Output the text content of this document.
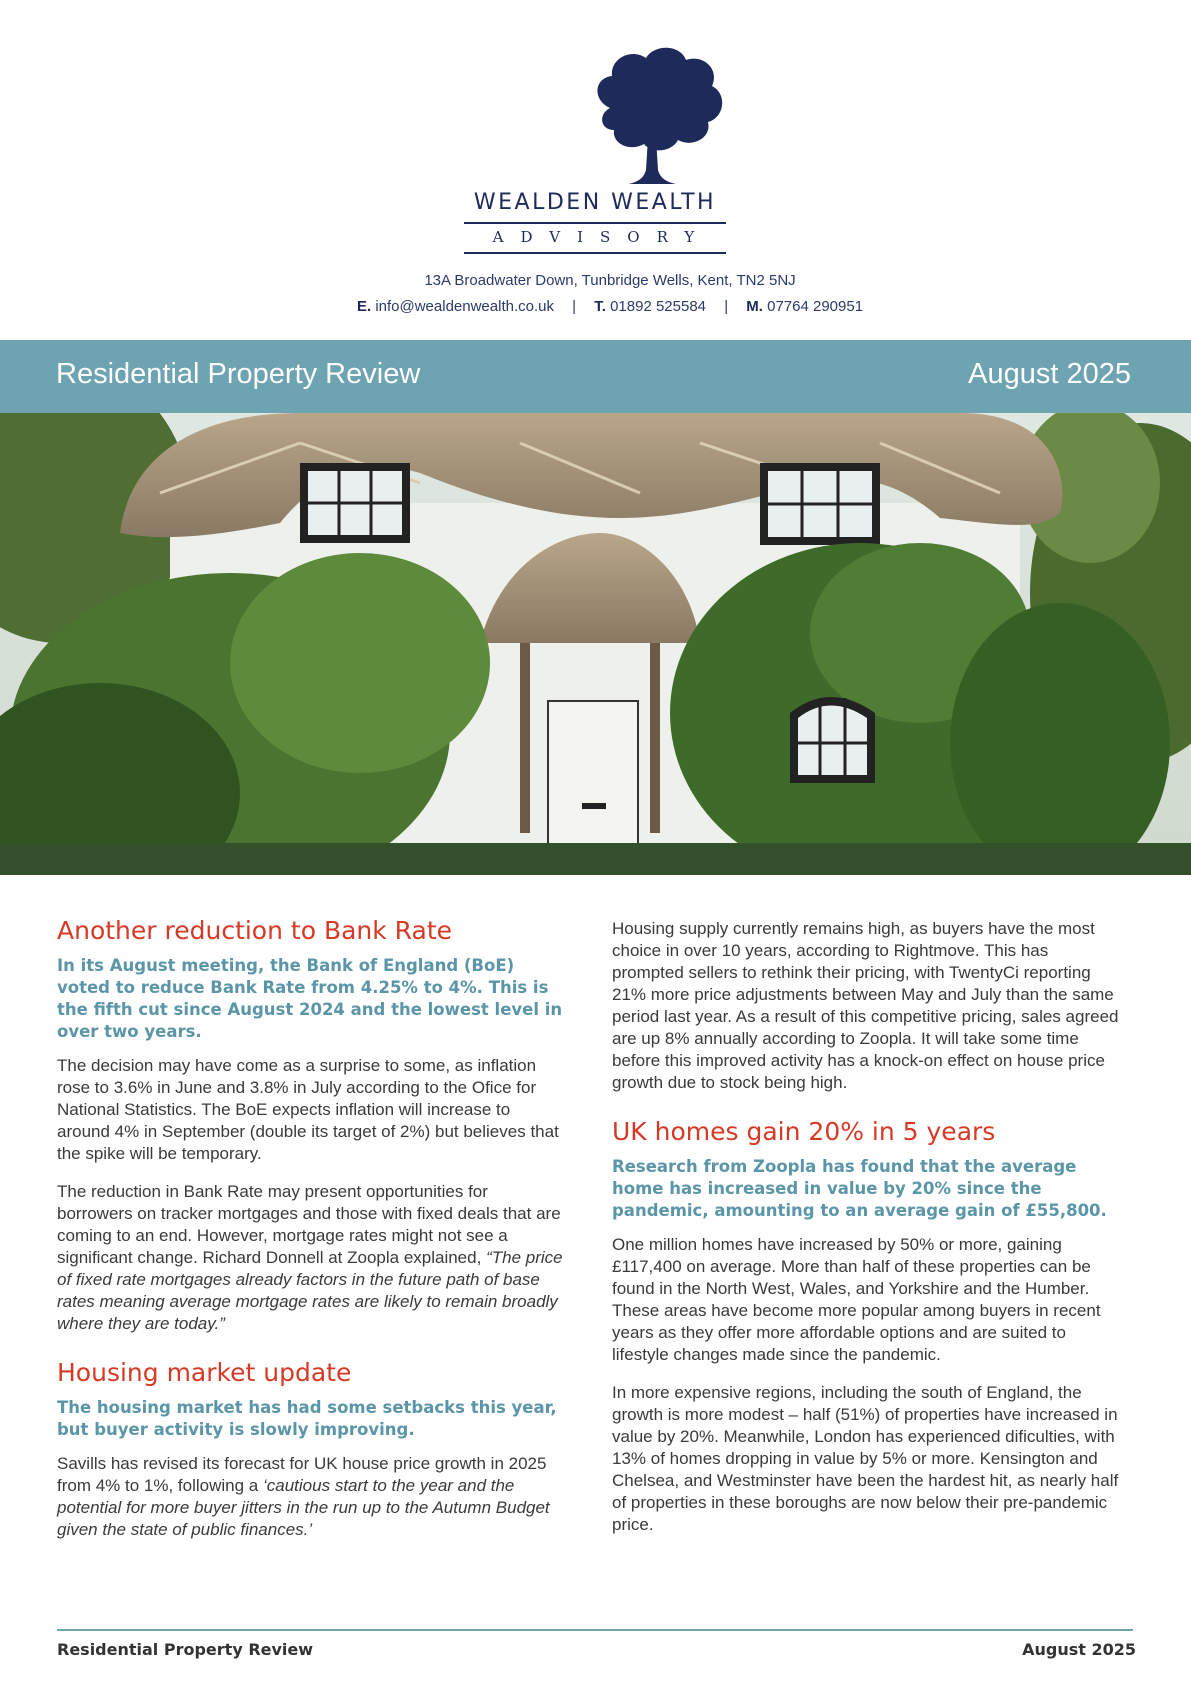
WEALDEN WEALTH
ADVISORY
13A Broadwater Down, Tunbridge Wells, Kent, TN2 5NJ
E. info@wealdenwealth.co.uk | T. 01892 525584 | M. 07764 290951
Residential Property Review	August 2025
Another reduction to Bank Rate
In its August meeting, the Bank of England (BoE) voted to reduce Bank Rate from 4.25% to 4%. This is the fifth cut since August 2024 and the lowest level in over two years.

The decision may have come as a surprise to some, as inflation rose to 3.6% in June and 3.8% in July according to the Ofice for National Statistics. The BoE expects inflation will increase to around 4% in September (double its target of 2%) but believes that the spike will be temporary.

The reduction in Bank Rate may present opportunities for borrowers on tracker mortgages and those with fixed deals that are coming to an end. However, mortgage rates might not see a significant change. Richard Donnell at Zoopla explained, “The price of fixed rate mortgages already factors in the future path of base rates meaning average mortgage rates are likely to remain broadly where they are today.”

Housing market update
The housing market has had some setbacks this year, but buyer activity is slowly improving.

Savills has revised its forecast for UK house price growth in 2025 from 4% to 1%, following a ‘cautious start to the year and the potential for more buyer jitters in the run up to the Autumn Budget given the state of public finances.’

Housing supply currently remains high, as buyers have the most choice in over 10 years, according to Rightmove. This has prompted sellers to rethink their pricing, with TwentyCi reporting 21% more price adjustments between May and July than the same period last year. As a result of this competitive pricing, sales agreed are up 8% annually according to Zoopla. It will take some time before this improved activity has a knock-on effect on house price growth due to stock being high.

UK homes gain 20% in 5 years
Research from Zoopla has found that the average home has increased in value by 20% since the pandemic, amounting to an average gain of £55,800.

One million homes have increased by 50% or more, gaining £117,400 on average. More than half of these properties can be found in the North West, Wales, and Yorkshire and the Humber. These areas have become more popular among buyers in recent years as they offer more affordable options and are suited to lifestyle changes made since the pandemic.

In more expensive regions, including the south of England, the growth is more modest – half (51%) of properties have increased in value by 20%. Meanwhile, London has experienced dificulties, with 13% of homes dropping in value by 5% or more. Kensington and Chelsea, and Westminster have been the hardest hit, as nearly half of properties in these boroughs are now below their pre-pandemic price.

Residential Property Review	August 2025
